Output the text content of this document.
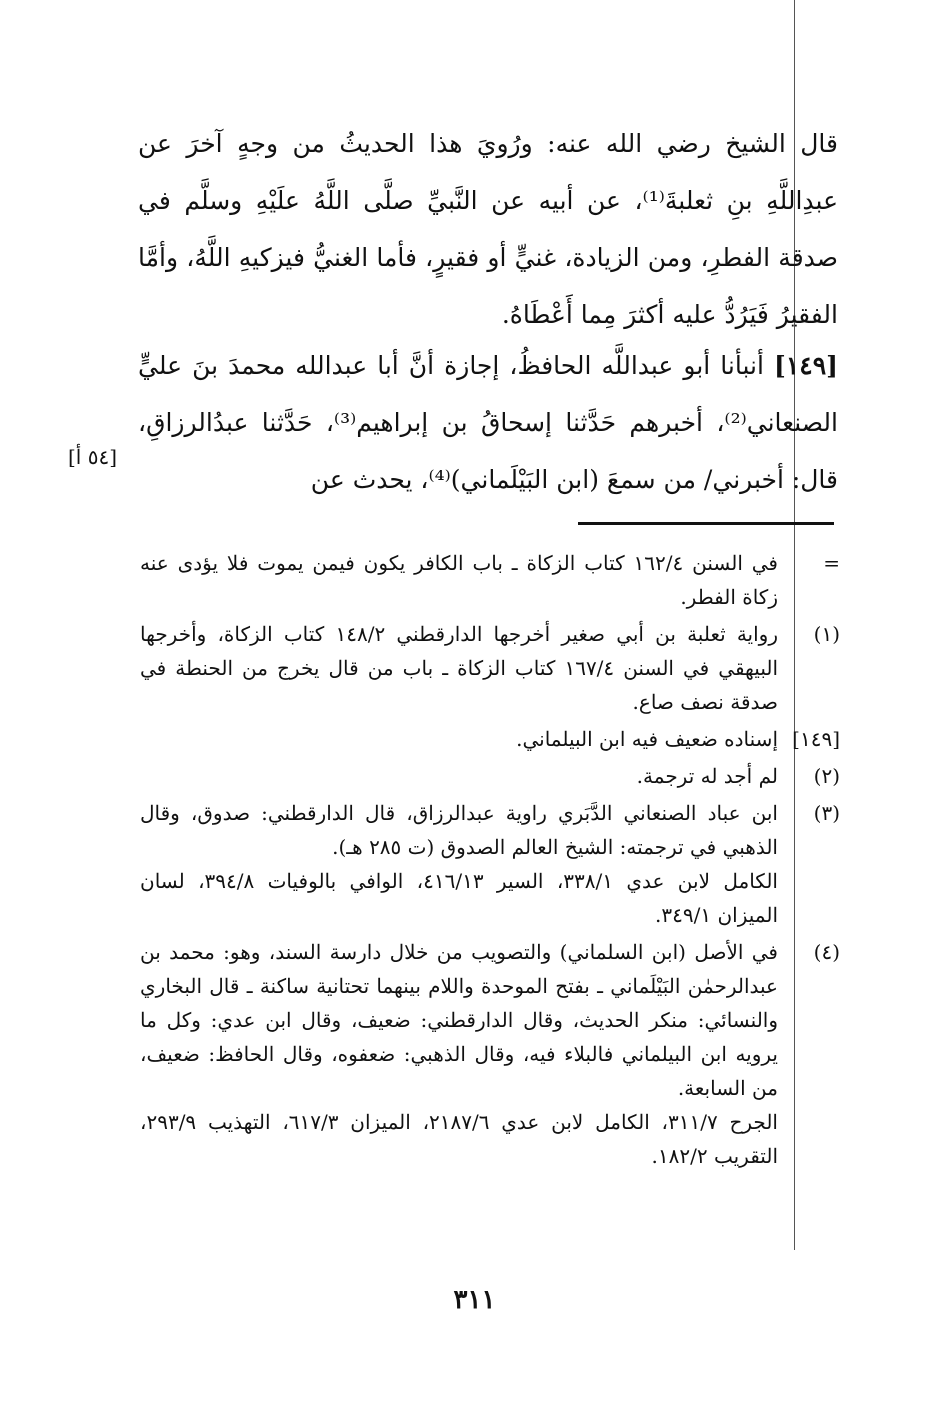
قال الشيخ رضي الله عنه: ورُويَ هذا الحديثُ من وجهٍ آخرَ عن عبدِاللَّهِ بنِ ثعلبةَ⁽¹⁾، عن أبيه عن النَّبيِّ صلَّى اللَّهُ علَيْهِ وسلَّم في صدقة الفطرِ، ومن الزيادة، غنيٍّ أو فقيرٍ، فأما الغنيُّ فيزكيهِ اللَّهُ، وأمَّا الفقيرُ فَيَرُدُّ عليه أكثرَ مِما أَعْطَاهُ.
[١٤٩] أنبأنا أبو عبداللَّه الحافظُ، إجازة أنَّ أبا عبدالله محمدَ بنَ عليٍّ الصنعاني⁽²⁾، أخبرهم حَدَّثنا إسحاقُ بن إبراهيم⁽³⁾، حَدَّثنا عبدُالرزاقِ، قال: أخبرني/ من سمعَ (ابن البَيْلَماني)⁽⁴⁾، يحدث عن
[٥٤ أ]
=
في السنن ١٦٢/٤ كتاب الزكاة ـ باب الكافر يكون فيمن يموت فلا يؤدى عنه زكاة الفطر.
(١)
رواية ثعلبة بن أبي صغير أخرجها الدارقطني ١٤٨/٢ كتاب الزكاة، وأخرجها البيهقي في السنن ١٦٧/٤ كتاب الزكاة ـ باب من قال يخرج من الحنطة في صدقة نصف صاع.
[١٤٩]
إسناده ضعيف فيه ابن البيلماني.
(٢)
لم أجد له ترجمة.
(٣)

ابن عباد الصنعاني الدَّبَري راوية عبدالرزاق، قال الدارقطني: صدوق، وقال الذهبي في ترجمته: الشيخ العالم الصدوق (ت ٢٨٥ هـ).

الكامل لابن عدي ٣٣٨/١، السير ٤١٦/١٣، الوافي بالوفيات ٣٩٤/٨، لسان الميزان ٣٤٩/١.

(٤)

في الأصل (ابن السلماني) والتصويب من خلال دارسة السند، وهو: محمد بن عبدالرحمٰن البَيْلَماني ـ بفتح الموحدة واللام بينهما تحتانية ساكنة ـ قال البخاري والنسائي: منكر الحديث، وقال الدارقطني: ضعيف، وقال ابن عدي: وكل ما يرويه ابن البيلماني فالبلاء فيه، وقال الذهبي: ضعفوه، وقال الحافظ: ضعيف، من السابعة.

الجرح ٣١١/٧، الكامل لابن عدي ٢١٨٧/٦، الميزان ٦١٧/٣، التهذيب ٢٩٣/٩، التقريب ١٨٢/٢.

٣١١
